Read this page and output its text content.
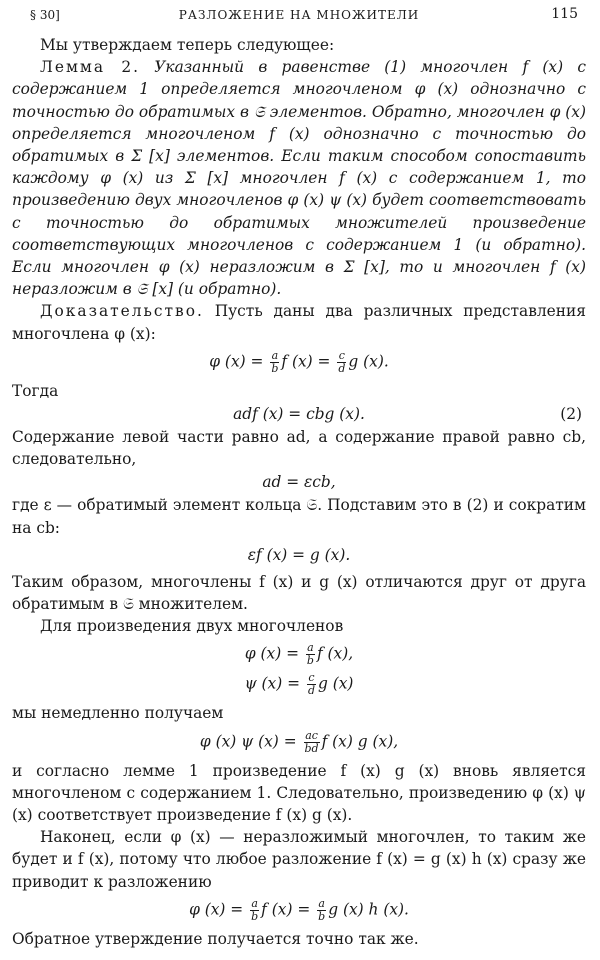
§ 30]	РАЗЛОЖЕНИЕ НА МНОЖИТЕЛИ	115

Мы утверждаем теперь следующее:

Лемма 2. Указанный в равенстве (1) многочлен f (x) с содержанием 1 определяется многочленом φ (x) однозначно с точностью до обратимых в 𝔖 элементов. Обратно, многочлен φ (x) определяется многочленом f (x) однозначно с точностью до обратимых в Σ [x] элементов. Если таким способом сопоставить каждому φ (x) из Σ [x] многочлен f (x) с содержанием 1, то произведению двух многочленов φ (x) ψ (x) будет соответствовать с точностью до обратимых множителей произведение соответствующих многочленов с содержанием 1 (и обратно). Если многочлен φ (x) неразложим в Σ [x], то и многочлен f (x) неразложим в 𝔖 [x] (и обратно).

Доказательство. Пусть даны два различных представления многочлена φ (x):

φ $(x) = \frac{a}{b}$ f $(x) = \frac{c}{d}$ g (x).

Тогда

adf (x) = cbg (x).	(2)

Содержание левой части равно ad, а содержание правой равно cb, следовательно,

ad = εcb,

где ε — обратимый элемент кольца 𝔖. Подставим это в (2) и сократим на cb:

εf (x) = g (x).

Таким образом, многочлены f (x) и g (x) отличаются друг от друга обратимым в 𝔖 множителем.

Для произведения двух многочленов

φ $(x) = \frac{a}{b}$ f (x),
ψ $(x) = \frac{c}{d}$ g (x)

мы немедленно получаем

φ (x) ψ $(x) = \frac{ac}{bd}$ f (x) g (x),

и согласно лемме 1 произведение f (x) g (x) вновь является многочленом с содержанием 1. Следовательно, произведению φ (x) ψ (x) соответствует произведение f (x) g (x).

Наконец, если φ (x) — неразложимый многочлен, то таким же будет и f (x), потому что любое разложение f (x) = g (x) h (x) сразу же приводит к разложению

φ $(x) = \frac{a}{b}$ f $(x) = \frac{a}{b}$ g (x) h (x).

Обратное утверждение получается точно так же.
